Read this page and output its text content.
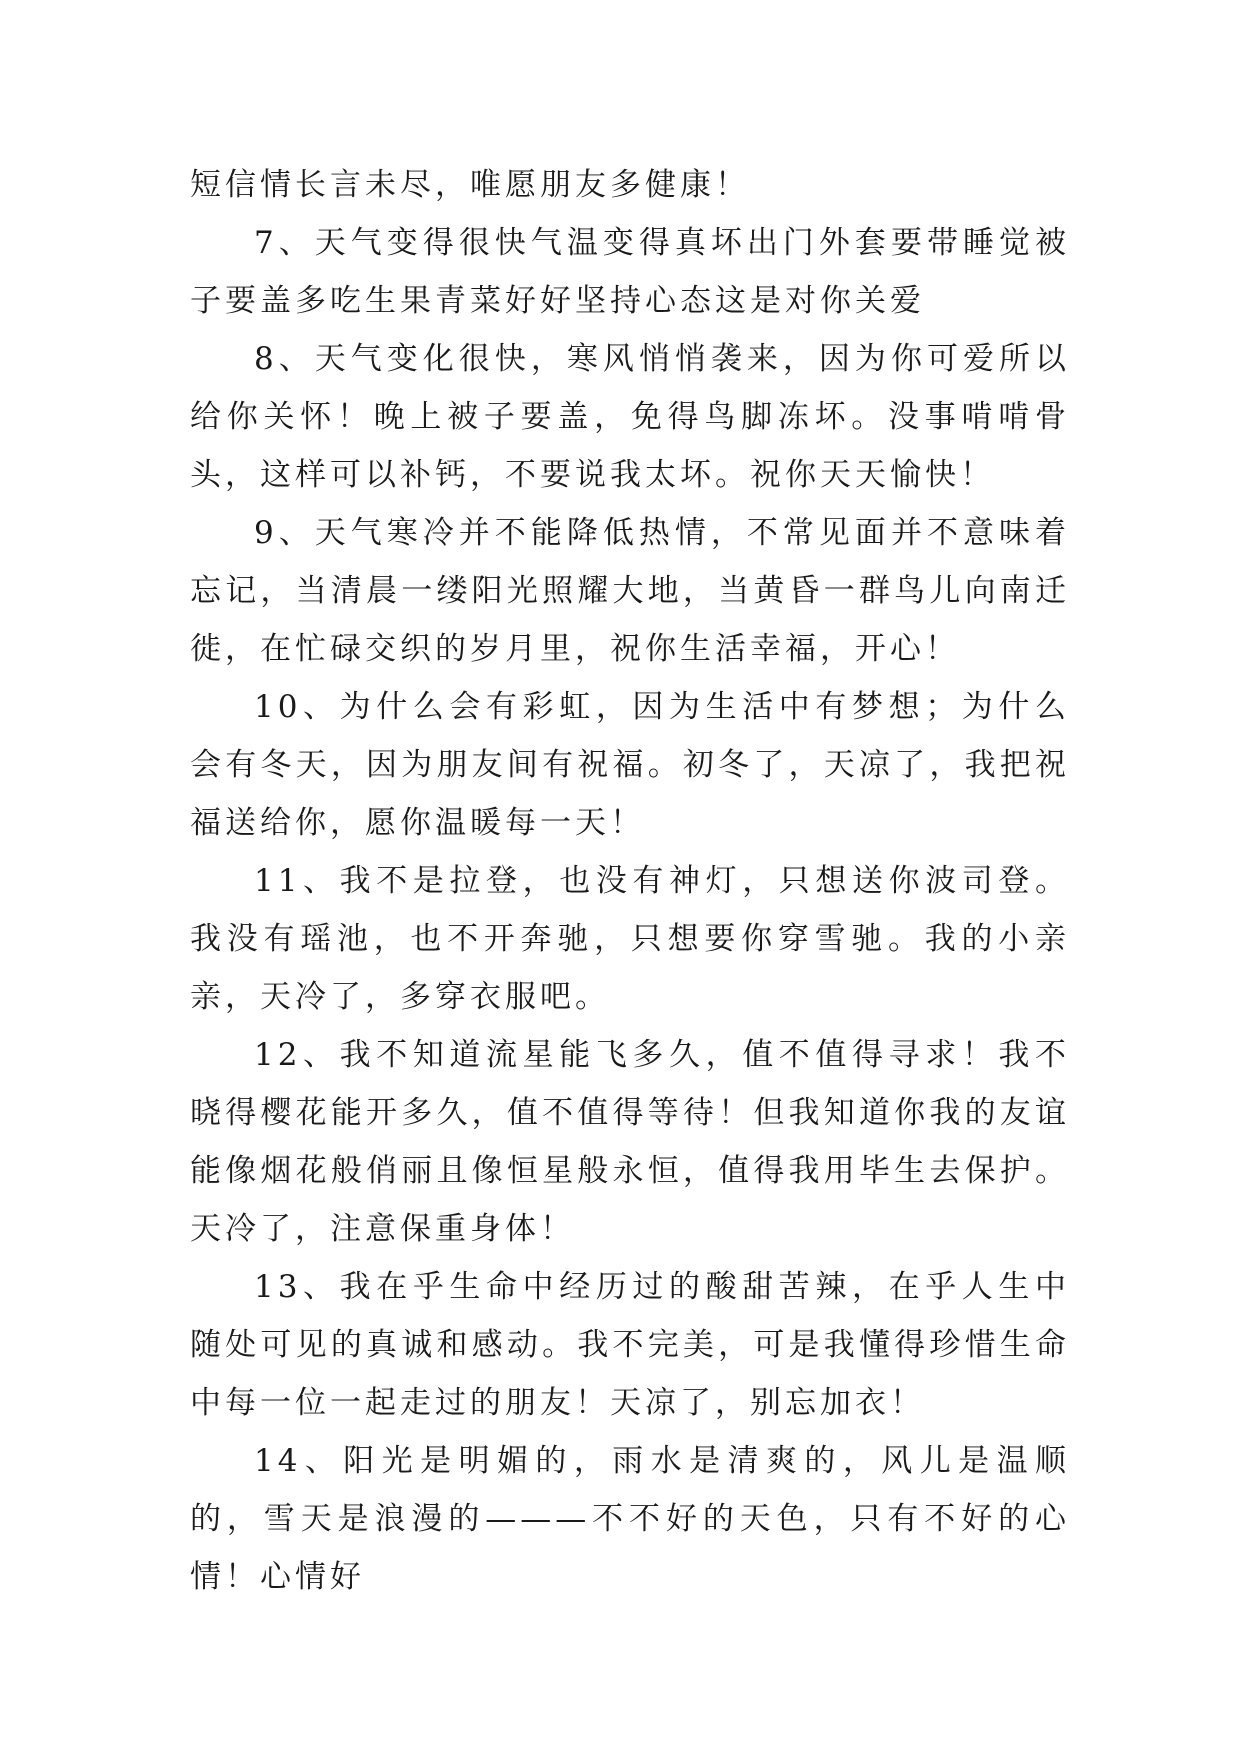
短信情长言未尽，唯愿朋友多健康！

7、天气变得很快气温变得真坏出门外套要带睡觉被子要盖多吃生果青菜好好坚持心态这是对你关爱

8、天气变化很快，寒风悄悄袭来，因为你可爱所以给你关怀！晚上被子要盖，免得鸟脚冻坏。没事啃啃骨头，这样可以补钙，不要说我太坏。祝你天天愉快！

9、天气寒冷并不能降低热情，不常见面并不意味着忘记，当清晨一缕阳光照耀大地，当黄昏一群鸟儿向南迁徙，在忙碌交织的岁月里，祝你生活幸福，开心！

10、为什么会有彩虹，因为生活中有梦想；为什么会有冬天，因为朋友间有祝福。初冬了，天凉了，我把祝福送给你，愿你温暖每一天！

11、我不是拉登，也没有神灯，只想送你波司登。我没有瑶池，也不开奔驰，只想要你穿雪驰。我的小亲亲，天冷了，多穿衣服吧。

12、我不知道流星能飞多久，值不值得寻求！我不晓得樱花能开多久，值不值得等待！但我知道你我的友谊能像烟花般俏丽且像恒星般永恒，值得我用毕生去保护。天冷了，注意保重身体！

13、我在乎生命中经历过的酸甜苦辣，在乎人生中随处可见的真诚和感动。我不完美，可是我懂得珍惜生命中每一位一起走过的朋友！天凉了，别忘加衣！

14、阳光是明媚的，雨水是清爽的，风儿是温顺的，雪天是浪漫的———不不好的天色，只有不好的心情！心情好
